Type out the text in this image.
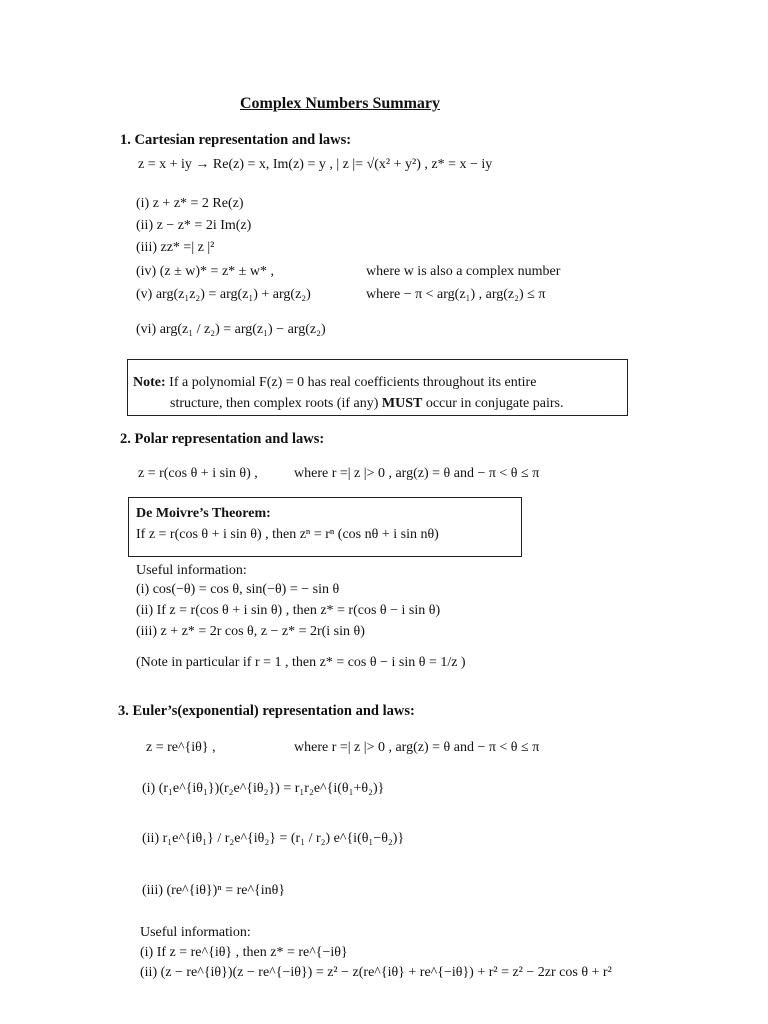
Complex Numbers Summary
1. Cartesian representation and laws:
z = x + iy → Re(z) = x, Im(z) = y , | z |= √(x² + y²) , z* = x − iy
(i) z + z* = 2 Re(z)
(ii) z − z* = 2i Im(z)
(iii) zz* =| z |²
(iv) (z ± w)* = z* ± w* ,	where w is also a complex number
(v) arg(z₁z₂) = arg(z₁) + arg(z₂)	where − π < arg(z₁) , arg(z₂) ≤ π
(vi) arg(z₁ / z₂) = arg(z₁) − arg(z₂)
Note: If a polynomial F(z) = 0 has real coefficients throughout its entire
structure, then complex roots (if any) MUST occur in conjugate pairs.
2. Polar representation and laws:
z = r(cos θ + i sin θ) ,	where r =| z |> 0 , arg(z) = θ and − π < θ ≤ π
De Moivre’s Theorem:
If z = r(cos θ + i sin θ) , then zⁿ = rⁿ (cos nθ + i sin nθ)
Useful information:
(i) cos(−θ) = cos θ, sin(−θ) = − sin θ
(ii) If z = r(cos θ + i sin θ) , then z* = r(cos θ − i sin θ)
(iii) z + z* = 2r cos θ, z − z* = 2r(i sin θ)
(Note in particular if r = 1 , then z* = cos θ − i sin θ = 1/z )
3. Euler’s(exponential) representation and laws:
z = re^{iθ} ,	where r =| z |> 0 , arg(z) = θ and − π < θ ≤ π
(i) (r₁e^{iθ₁})(r₂e^{iθ₂}) = r₁r₂e^{i(θ₁+θ₂)}
(ii) r₁e^{iθ₁} / r₂e^{iθ₂} = (r₁ / r₂) e^{i(θ₁−θ₂)}
(iii) (re^{iθ})ⁿ = re^{inθ}
Useful information:
(i) If z = re^{iθ} , then z* = re^{−iθ}
(ii) (z − re^{iθ})(z − re^{−iθ}) = z² − z(re^{iθ} + re^{−iθ}) + r² = z² − 2zr cos θ + r²
